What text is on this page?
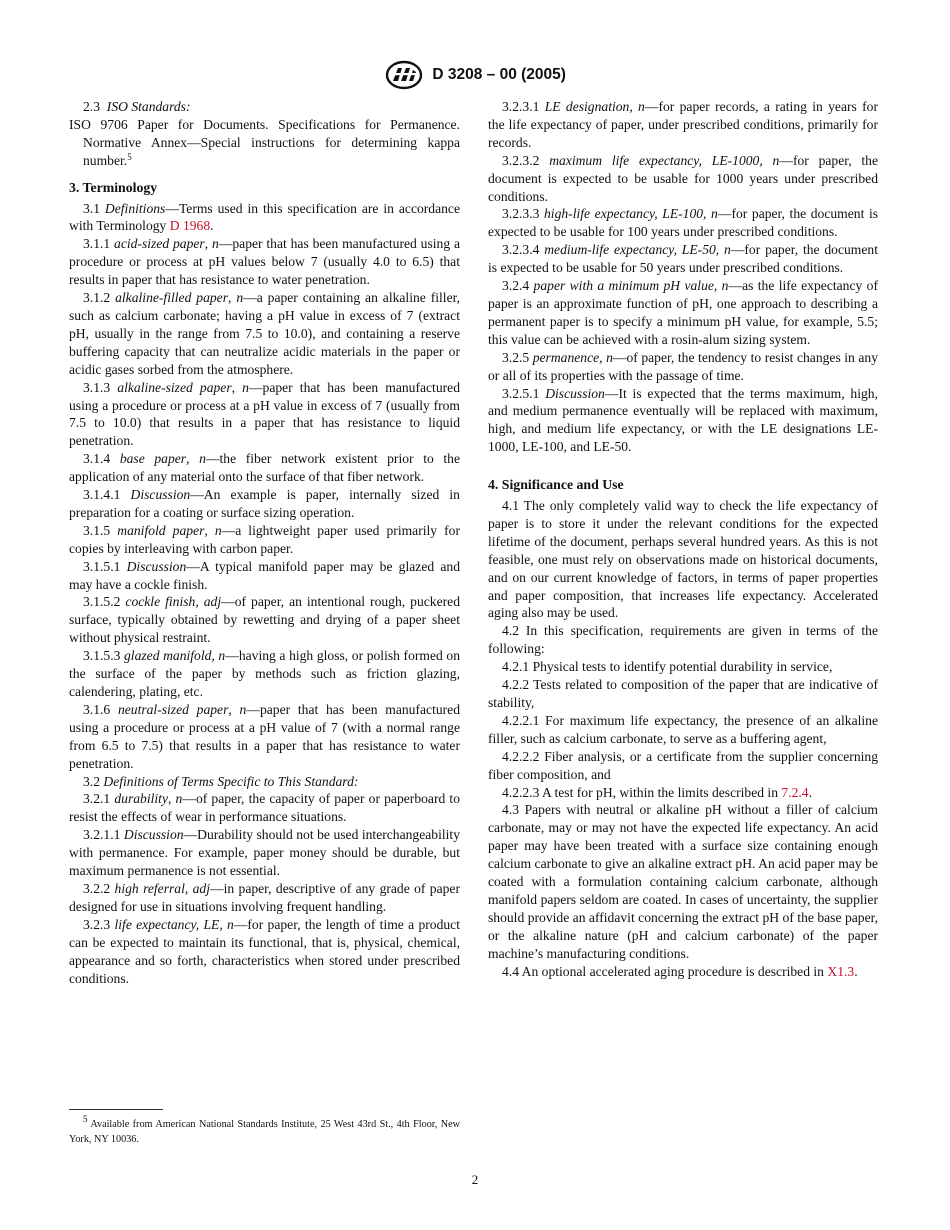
D 3208 – 00 (2005)

2.3 ISO Standards:

ISO 9706 Paper for Documents. Specifications for Permanence. Normative Annex—Special instructions for determining kappa number.$^5$

3. Terminology

3.1 Definitions—Terms used in this specification are in accordance with Terminology D 1968.

3.1.1 acid-sized paper, n—paper that has been manufactured using a procedure or process at pH values below 7 (usually 4.0 to 6.5) that results in paper that has resistance to water penetration.

3.1.2 alkaline-filled paper, n—a paper containing an alkaline filler, such as calcium carbonate; having a pH value in excess of 7 (extract pH, usually in the range from 7.5 to 10.0), and containing a reserve buffering capacity that can neutralize acidic materials in the paper or acidic gases sorbed from the atmosphere.

3.1.3 alkaline-sized paper, n—paper that has been manufactured using a procedure or process at a pH value in excess of 7 (usually from 7.5 to 10.0) that results in a paper that has resistance to liquid penetration.

3.1.4 base paper, n—the fiber network existent prior to the application of any material onto the surface of that fiber network.

3.1.4.1 Discussion—An example is paper, internally sized in preparation for a coating or surface sizing operation.

3.1.5 manifold paper, n—a lightweight paper used primarily for copies by interleaving with carbon paper.

3.1.5.1 Discussion—A typical manifold paper may be glazed and may have a cockle finish.

3.1.5.2 cockle finish, adj—of paper, an intentional rough, puckered surface, typically obtained by rewetting and drying of a paper sheet without physical restraint.

3.1.5.3 glazed manifold, n—having a high gloss, or polish formed on the surface of the paper by methods such as friction glazing, calendering, plating, etc.

3.1.6 neutral-sized paper, n—paper that has been manufactured using a procedure or process at a pH value of 7 (with a normal range from 6.5 to 7.5) that results in a paper that has resistance to water penetration.

3.2 Definitions of Terms Specific to This Standard:

3.2.1 durability, n—of paper, the capacity of paper or paperboard to resist the effects of wear in performance situations.

3.2.1.1 Discussion—Durability should not be used interchangeability with permanence. For example, paper money should be durable, but maximum permanence is not essential.

3.2.2 high referral, adj—in paper, descriptive of any grade of paper designed for use in situations involving frequent handling.

3.2.3 life expectancy, LE, n—for paper, the length of time a product can be expected to maintain its functional, that is, physical, chemical, appearance and so forth, characteristics when stored under prescribed conditions.

3.2.3.1 LE designation, n—for paper records, a rating in years for the life expectancy of paper, under prescribed conditions, primarily for records.

3.2.3.2 maximum life expectancy, LE-1000, n—for paper, the document is expected to be usable for 1000 years under prescribed conditions.

3.2.3.3 high-life expectancy, LE-100, n—for paper, the document is expected to be usable for 100 years under prescribed conditions.

3.2.3.4 medium-life expectancy, LE-50, n—for paper, the document is expected to be usable for 50 years under prescribed conditions.

3.2.4 paper with a minimum pH value, n—as the life expectancy of paper is an approximate function of pH, one approach to describing a permanent paper is to specify a minimum pH value, for example, 5.5; this value can be achieved with a rosin-alum sizing system.

3.2.5 permanence, n—of paper, the tendency to resist changes in any or all of its properties with the passage of time.

3.2.5.1 Discussion—It is expected that the terms maximum, high, and medium permanence eventually will be replaced with maximum, high, and medium life expectancy, or with the LE designations LE-1000, LE-100, and LE-50.

4. Significance and Use

4.1 The only completely valid way to check the life expectancy of paper is to store it under the relevant conditions for the expected lifetime of the document, perhaps several hundred years. As this is not feasible, one must rely on observations made on historical documents, and on our current knowledge of factors, in terms of paper properties and paper composition, that increases life expectancy. Accelerated aging also may be used.

4.2 In this specification, requirements are given in terms of the following:

4.2.1 Physical tests to identify potential durability in service,

4.2.2 Tests related to composition of the paper that are indicative of stability,

4.2.2.1 For maximum life expectancy, the presence of an alkaline filler, such as calcium carbonate, to serve as a buffering agent,

4.2.2.2 Fiber analysis, or a certificate from the supplier concerning fiber composition, and

4.2.2.3 A test for pH, within the limits described in 7.2.4.

4.3 Papers with neutral or alkaline pH without a filler of calcium carbonate, may or may not have the expected life expectancy. An acid paper may have been treated with a surface size containing enough calcium carbonate to give an alkaline extract pH. An acid paper may be coated with a formulation containing calcium carbonate, although manifold papers seldom are coated. In cases of uncertainty, the supplier should provide an affidavit concerning the extract pH of the base paper, or the alkaline nature (pH and calcium carbonate) of the paper machine’s manufacturing conditions.

4.4 An optional accelerated aging procedure is described in X1.3.

$^5$ Available from American National Standards Institute, 25 West 43rd St., 4th Floor, New York, NY 10036.

2
